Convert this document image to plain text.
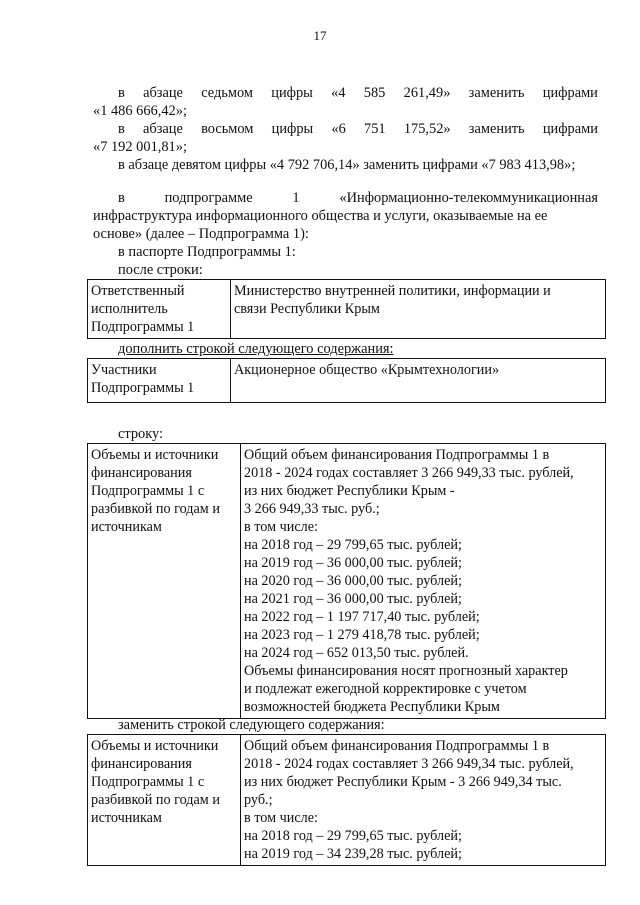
17
в абзаце седьмом цифры «4 585 261,49» заменить цифрами
«1 486 666,42»;
в абзаце восьмом цифры «6 751 175,52» заменить цифрами
«7 192 001,81»;
в абзаце девятом цифры «4 792 706,14» заменить цифрами «7 983 413,98»;
в	подпрограмме	1	«Информационно-телекоммуникационная
инфраструктура информационного общества и услуги, оказываемые на ее
основе» (далее – Подпрограмма 1):
в паспорте Подпрограммы 1:
после строки:
Ответственный
исполнитель
Подпрограммы 1

Министерство внутренней политики, информации и
связи Республики Крым
дополнить строкой следующего содержания:
Участники
Подпрограммы 1

Акционерное общество «Крымтехнологии»
строку:
Объемы и источники
финансирования
Подпрограммы 1 с
разбивкой по годам и
источникам

Общий объем финансирования Подпрограммы 1 в
2018 - 2024 годах составляет 3 266 949,33 тыс. рублей,
из них бюджет Республики Крым -
3 266 949,33 тыс. руб.;
в том числе:
на 2018 год – 29 799,65 тыс. рублей;
на 2019 год – 36 000,00 тыс. рублей;
на 2020 год – 36 000,00 тыс. рублей;
на 2021 год – 36 000,00 тыс. рублей;
на 2022 год – 1 197 717,40 тыс. рублей;
на 2023 год – 1 279 418,78 тыс. рублей;
на 2024 год – 652 013,50 тыс. рублей.
Объемы финансирования носят прогнозный характер
и подлежат ежегодной корректировке с учетом
возможностей бюджета Республики Крым
заменить строкой следующего содержания:
Объемы и источники
финансирования
Подпрограммы 1 с
разбивкой по годам и
источникам

Общий объем финансирования Подпрограммы 1 в
2018 - 2024 годах составляет 3 266 949,34 тыс. рублей,
из них бюджет Республики Крым - 3 266 949,34 тыс.
руб.;
в том числе:
на 2018 год – 29 799,65 тыс. рублей;
на 2019 год – 34 239,28 тыс. рублей;
